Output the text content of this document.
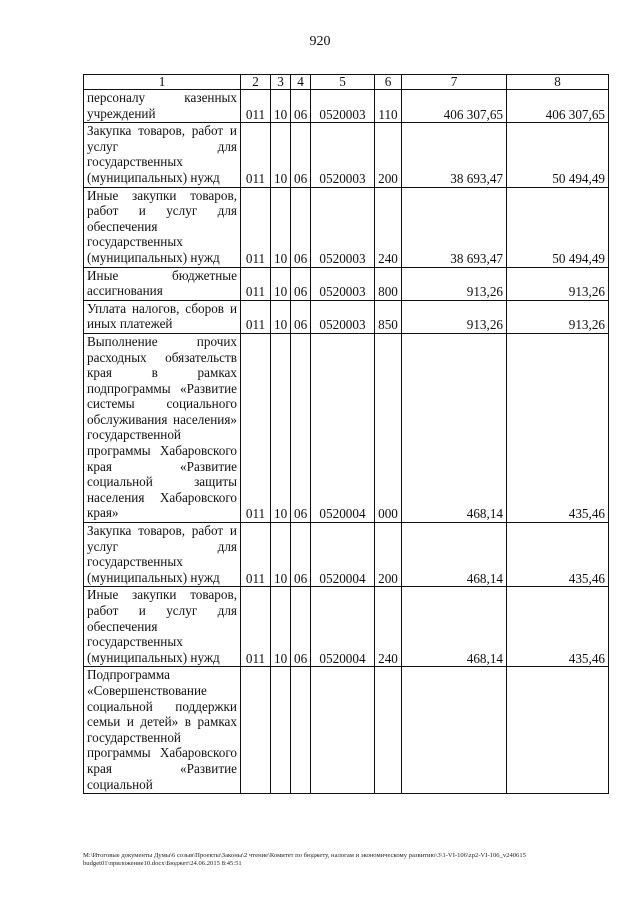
920
1	2	3	4	5	6	7	8
персоналу казенных учреждений	011	10	06	0520003	110	406 307,65	406 307,65
Закупка товаров, работ и услуг для государственных (муниципальных) нужд	011	10	06	0520003	200	38 693,47	50 494,49
Иные закупки товаров, работ и услуг для обеспечения государственных (муниципальных) нужд	011	10	06	0520003	240	38 693,47	50 494,49
Иные бюджетные ассигнования	011	10	06	0520003	800	913,26	913,26
Уплата налогов, сборов и иных платежей	011	10	06	0520003	850	913,26	913,26
Выполнение прочих расходных обязательств края в рамках подпрограммы «Развитие системы социального обслуживания населения» государственной программы Хабаровского края «Развитие социальной защиты населения Хабаровского края»	011	10	06	0520004	000	468,14	435,46
Закупка товаров, работ и услуг для государственных (муниципальных) нужд	011	10	06	0520004	200	468,14	435,46
Иные закупки товаров, работ и услуг для обеспечения государственных (муниципальных) нужд	011	10	06	0520004	240	468,14	435,46
Подпрограмма «Совершенствование социальной поддержки семьи и детей» в рамках государственной программы Хабаровского края «Развитие социальной							
M:\Итоговые документы Думы\6 созыв\Проекты\Законы\2 чтение\Комитет по бюджету, налогам и экономическому развитию\3\1-VI-106\zp2-VI-106_v240615 budget01\приложение10.docx\Бюджет\24.06.2015 8:45:51
